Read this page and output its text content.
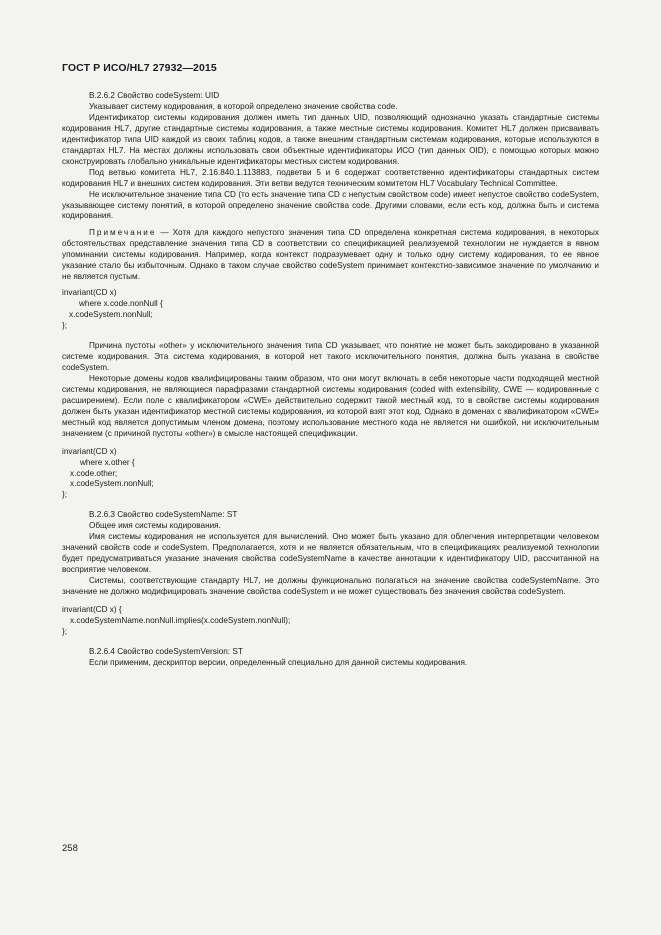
ГОСТ Р ИСО/HL7 27932—2015

B.2.6.2 Свойство codeSystem: UID

Указывает систему кодирования, в которой определено значение свойства code.

Идентификатор системы кодирования должен иметь тип данных UID, позволяющий однозначно указать стандартные системы кодирования HL7, другие стандартные системы кодирования, а также местные системы кодирования. Комитет HL7 должен присваивать идентификатор типа UID каждой из своих таблиц кодов, а также внешним стандартным системам кодирования, которые используются в стандартах HL7. На местах должны использовать свои объектные идентификаторы ИСО (тип данных OID), с помощью которых можно сконструировать глобально уникальные идентификаторы местных систем кодирования.

Под ветвью комитета HL7, 2.16.840.1.113883, подветви 5 и 6 содержат соответственно идентификаторы стандартных систем кодирования HL7 и внешних систем кодирования. Эти ветви ведутся техническим комитетом HL7 Vocabulary Technical Committee.

Не исключительное значение типа CD (то есть значение типа CD с непустым свойством code) имеет непустое свойство codeSystem, указывающее систему понятий, в которой определено значение свойства code. Другими словами, если есть код, должна быть и система кодирования.

Примечание — Хотя для каждого непустого значения типа CD определена конкретная система кодирования, в некоторых обстоятельствах представление значения типа CD в соответствии со спецификацией реализуемой технологии не нуждается в явном упоминании системы кодирования. Например, когда контекст подразумевает одну и только одну систему кодирования, то ее явное указание стало бы избыточным. Однако в таком случае свойство codeSystem принимает контекстно-зависимое значение по умолчанию и не является пустым.

invariant(CD x)
where x.code.nonNull {
x.codeSystem.nonNull;
};

Причина пустоты «other» у исключительного значения типа CD указывает, что понятие не может быть закодировано в указанной системе кодирования. Эта система кодирования, в которой нет такого исключительного понятия, должна быть указана в свойстве codeSystem.

Некоторые домены кодов квалифицированы таким образом, что они могут включать в себя некоторые части подходящей местной системы кодирования, не являющиеся парафразами стандартной системы кодирования (coded with extensibility, CWE — кодированные с расширением). Если поле с квалификатором «CWE» действительно содержит такой местный код, то в свойстве системы кодирования должен быть указан идентификатор местной системы кодирования, из которой взят этот код. Однако в доменах с квалификатором «CWE» местный код является допустимым членом домена, поэтому использование местного кода не является ни ошибкой, ни исключительным значением (с причиной пустоты «other») в смысле настоящей спецификации.

invariant(CD x)
where x.other {
x.code.other;
x.codeSystem.nonNull;
};

B.2.6.3 Свойство codeSystemName: ST

Общее имя системы кодирования.

Имя системы кодирования не используется для вычислений. Оно может быть указано для облегчения интерпретации человеком значений свойств code и codeSystem. Предполагается, хотя и не является обязательным, что в спецификациях реализуемой технологии будет предусматриваться указание значения свойства codeSystemName в качестве аннотации к идентификатору UID, рассчитанной на восприятие человеком.

Системы, соответствующие стандарту HL7, не должны функционально полагаться на значение свойства codeSystemName. Это значение не должно модифицировать значение свойства codeSystem и не может существовать без значения свойства codeSystem.

invariant(CD x) {
x.codeSystemName.nonNull.implies(x.codeSystem.nonNull);
};

B.2.6.4 Свойство codeSystemVersion: ST

Если применим, дескриптор версии, определенный специально для данной системы кодирования.

258
